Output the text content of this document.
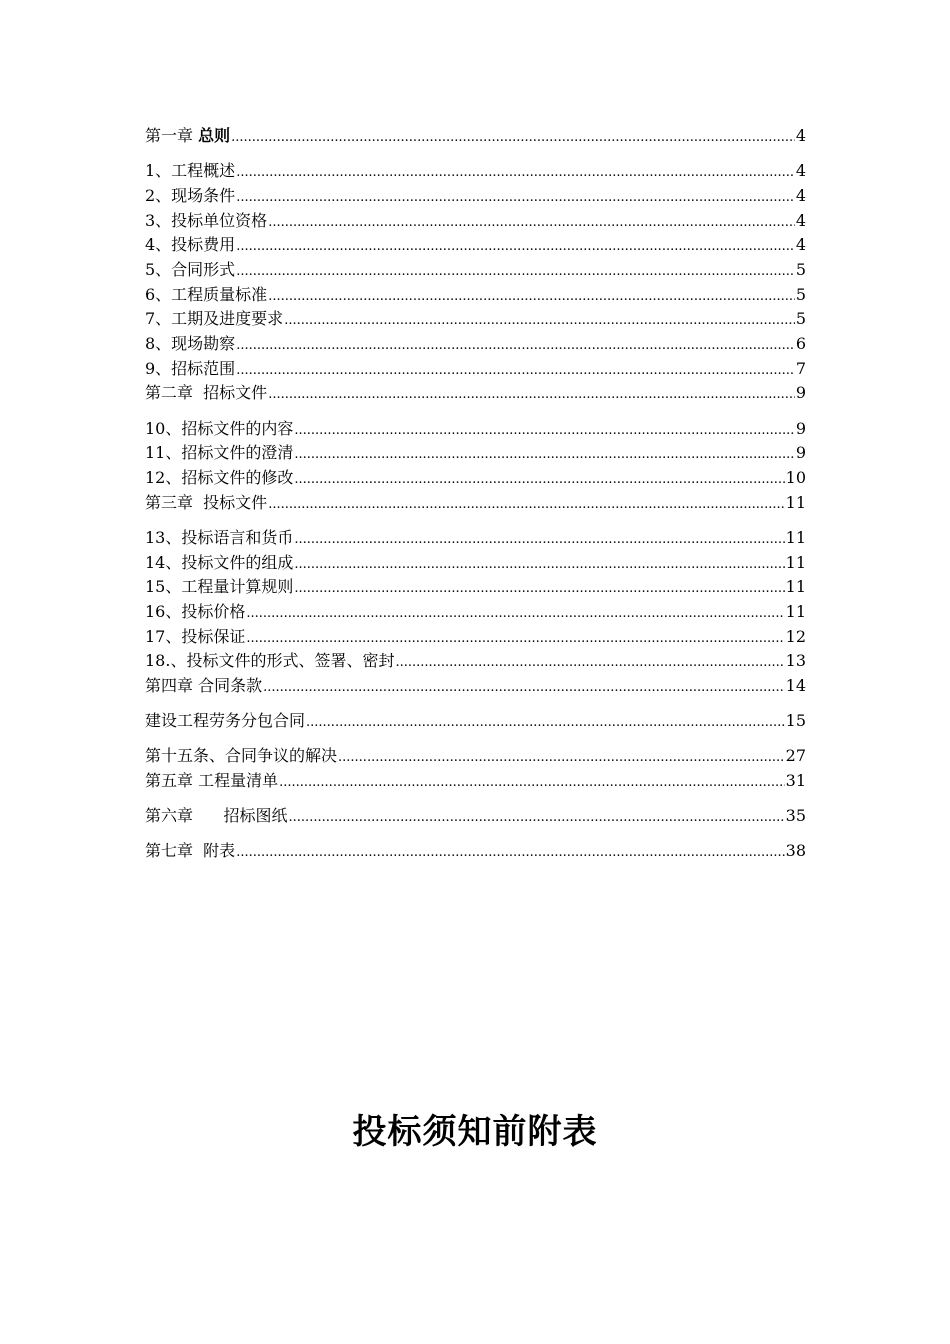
第一章 总则 .....	4
1、工程概述 .....	4
2、现场条件 .....	4
3、投标单位资格 .....	4
4、投标费用 .....	4
5、合同形式 .....	5
6、工程质量标准 .....	5
7、工期及进度要求 .....	5
8、现场勘察 .....	6
9、招标范围 .....	7
第二章  招标文件 .....	9
10、招标文件的内容 .....	9
11、招标文件的澄清 .....	9
12、招标文件的修改 .....	10
第三章  投标文件 .....	11
13、投标语言和货币 .....	11
14、投标文件的组成 .....	11
15、工程量计算规则 .....	11
16、投标价格 .....	11
17、投标保证 .....	12
18.、投标文件的形式、签署、密封 .....	13
第四章 合同条款 .....	14
建设工程劳务分包合同 .....	15
第十五条、合同争议的解决 .....	27
第五章 工程量清单 .....	31
第六章      招标图纸 .....	35
第七章  附表 .....	38
投标须知前附表
